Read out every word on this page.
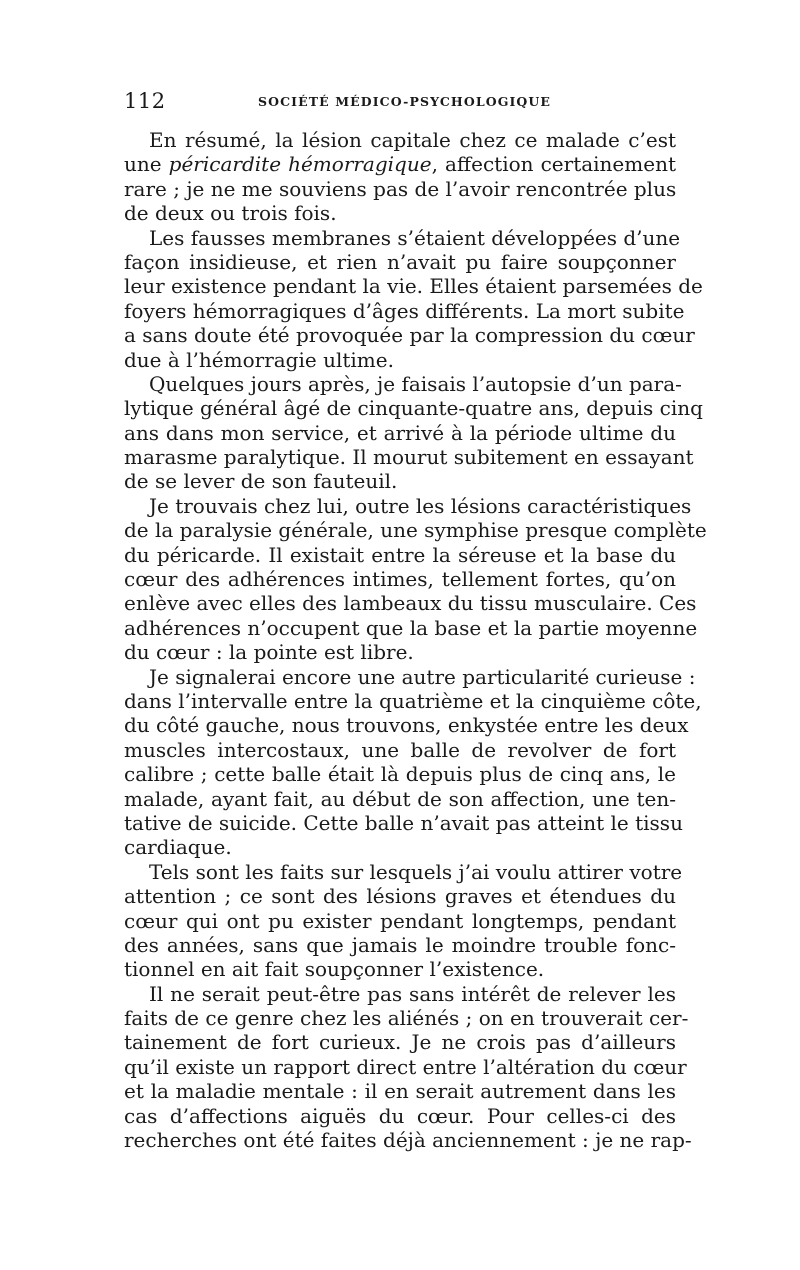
112	SOCIÉTÉ MÉDICO-PSYCHOLOGIQUE
En résumé, la lésion capitale chez ce malade c’est
une péricardite hémorragique, affection certainement
rare ; je ne me souviens pas de l’avoir rencontrée plus
de deux ou trois fois.
Les fausses membranes s’étaient développées d’une
façon insidieuse, et rien n’avait pu faire soupçonner
leur existence pendant la vie. Elles étaient parsemées de
foyers hémorragiques d’âges différents. La mort subite
a sans doute été provoquée par la compression du cœur
due à l’hémorragie ultime.
Quelques jours après, je faisais l’autopsie d’un para-
lytique général âgé de cinquante-quatre ans, depuis cinq
ans dans mon service, et arrivé à la période ultime du
marasme paralytique. Il mourut subitement en essayant
de se lever de son fauteuil.
Je trouvais chez lui, outre les lésions caractéristiques
de la paralysie générale, une symphise presque complète
du péricarde. Il existait entre la séreuse et la base du
cœur des adhérences intimes, tellement fortes, qu’on
enlève avec elles des lambeaux du tissu musculaire. Ces
adhérences n’occupent que la base et la partie moyenne
du cœur : la pointe est libre.
Je signalerai encore une autre particularité curieuse :
dans l’intervalle entre la quatrième et la cinquième côte,
du côté gauche, nous trouvons, enkystée entre les deux
muscles intercostaux, une balle de revolver de fort
calibre ; cette balle était là depuis plus de cinq ans, le
malade, ayant fait, au début de son affection, une ten-
tative de suicide. Cette balle n’avait pas atteint le tissu
cardiaque.
Tels sont les faits sur lesquels j’ai voulu attirer votre
attention ; ce sont des lésions graves et étendues du
cœur qui ont pu exister pendant longtemps, pendant
des années, sans que jamais le moindre trouble fonc-
tionnel en ait fait soupçonner l’existence.
Il ne serait peut-être pas sans intérêt de relever les
faits de ce genre chez les aliénés ; on en trouverait cer-
tainement de fort curieux. Je ne crois pas d’ailleurs
qu’il existe un rapport direct entre l’altération du cœur
et la maladie mentale : il en serait autrement dans les
cas d’affections aiguës du cœur. Pour celles-ci des
recherches ont été faites déjà anciennement : je ne rap-
